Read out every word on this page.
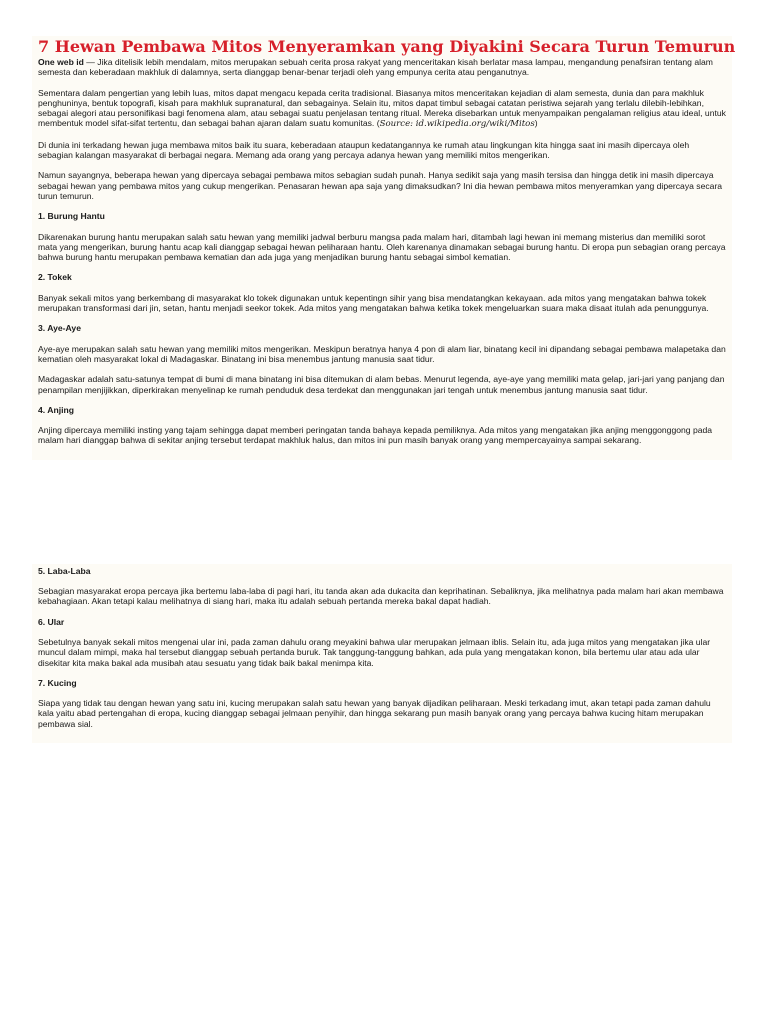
7 Hewan Pembawa Mitos Menyeramkan yang Diyakini Secara Turun Temurun

One web id — Jika ditelisik lebih mendalam, mitos merupakan sebuah cerita prosa rakyat yang menceritakan kisah berlatar masa lampau, mengandung penafsiran tentang alam semesta dan keberadaan makhluk di dalamnya, serta dianggap benar-benar terjadi oleh yang empunya cerita atau penganutnya.

Sementara dalam pengertian yang lebih luas, mitos dapat mengacu kepada cerita tradisional. Biasanya mitos menceritakan kejadian di alam semesta, dunia dan para makhluk penghuninya, bentuk topografi, kisah para makhluk supranatural, dan sebagainya. Selain itu, mitos dapat timbul sebagai catatan peristiwa sejarah yang terlalu dilebih-lebihkan, sebagai alegori atau personifikasi bagi fenomena alam, atau sebagai suatu penjelasan tentang ritual. Mereka disebarkan untuk menyampaikan pengalaman religius atau ideal, untuk membentuk model sifat-sifat tertentu, dan sebagai bahan ajaran dalam suatu komunitas. (Source: id.wikipedia.org/wiki/Mitos)

Di dunia ini terkadang hewan juga membawa mitos baik itu suara, keberadaan ataupun kedatangannya ke rumah atau lingkungan kita hingga saat ini masih dipercaya oleh sebagian kalangan masyarakat di berbagai negara. Memang ada orang yang percaya adanya hewan yang memiliki mitos mengerikan.

Namun sayangnya, beberapa hewan yang dipercaya sebagai pembawa mitos sebagian sudah punah. Hanya sedikit saja yang masih tersisa dan hingga detik ini masih dipercaya sebagai hewan yang pembawa mitos yang cukup mengerikan. Penasaran hewan apa saja yang dimaksudkan? Ini dia hewan pembawa mitos menyeramkan yang dipercaya secara turun temurun.

1. Burung Hantu

Dikarenakan burung hantu merupakan salah satu hewan yang memiliki jadwal berburu mangsa pada malam hari, ditambah lagi hewan ini memang misterius dan memiliki sorot mata yang mengerikan, burung hantu acap kali dianggap sebagai hewan peliharaan hantu. Oleh karenanya dinamakan sebagai burung hantu. Di eropa pun sebagian orang percaya bahwa burung hantu merupakan pembawa kematian dan ada juga yang menjadikan burung hantu sebagai simbol kematian.

2. Tokek

Banyak sekali mitos yang berkembang di masyarakat klo tokek digunakan untuk kepentingn sihir yang bisa mendatangkan kekayaan. ada mitos yang mengatakan bahwa tokek merupakan transformasi dari jin, setan, hantu menjadi seekor tokek. Ada mitos yang mengatakan bahwa ketika tokek mengeluarkan suara maka disaat itulah ada penunggunya.

3. Aye-Aye

Aye-aye merupakan salah satu hewan yang memiliki mitos mengerikan. Meskipun beratnya hanya 4 pon di alam liar, binatang kecil ini dipandang sebagai pembawa malapetaka dan kematian oleh masyarakat lokal di Madagaskar. Binatang ini bisa menembus jantung manusia saat tidur.

Madagaskar adalah satu-satunya tempat di bumi di mana binatang ini bisa ditemukan di alam bebas. Menurut legenda, aye-aye yang memiliki mata gelap, jari-jari yang panjang dan penampilan menjijikkan, diperkirakan menyelinap ke rumah penduduk desa terdekat dan menggunakan jari tengah untuk menembus jantung manusia saat tidur.

4. Anjing

Anjing dipercaya memiliki insting yang tajam sehingga dapat memberi peringatan tanda bahaya kepada pemiliknya. Ada mitos yang mengatakan jika anjing menggonggong pada malam hari dianggap bahwa di sekitar anjing tersebut terdapat makhluk halus, dan mitos ini pun masih banyak orang yang mempercayainya sampai sekarang.

5. Laba-Laba

Sebagian masyarakat eropa percaya jika bertemu laba-laba di pagi hari, itu tanda akan ada dukacita dan keprihatinan. Sebaliknya, jika melihatnya pada malam hari akan membawa kebahagiaan. Akan tetapi kalau melihatnya di siang hari, maka itu adalah sebuah pertanda mereka bakal dapat hadiah.

6. Ular

Sebetulnya banyak sekali mitos mengenai ular ini, pada zaman dahulu orang meyakini bahwa ular merupakan jelmaan iblis. Selain itu, ada juga mitos yang mengatakan jika ular muncul dalam mimpi, maka hal tersebut dianggap sebuah pertanda buruk. Tak tanggung-tanggung bahkan, ada pula yang mengatakan konon, bila bertemu ular atau ada ular disekitar kita maka bakal ada musibah atau sesuatu yang tidak baik bakal menimpa kita.

7. Kucing

Siapa yang tidak tau dengan hewan yang satu ini, kucing merupakan salah satu hewan yang banyak dijadikan peliharaan. Meski terkadang imut, akan tetapi pada zaman dahulu kala yaitu abad pertengahan di eropa, kucing dianggap sebagai jelmaan penyihir, dan hingga sekarang pun masih banyak orang yang percaya bahwa kucing hitam merupakan pembawa sial.
